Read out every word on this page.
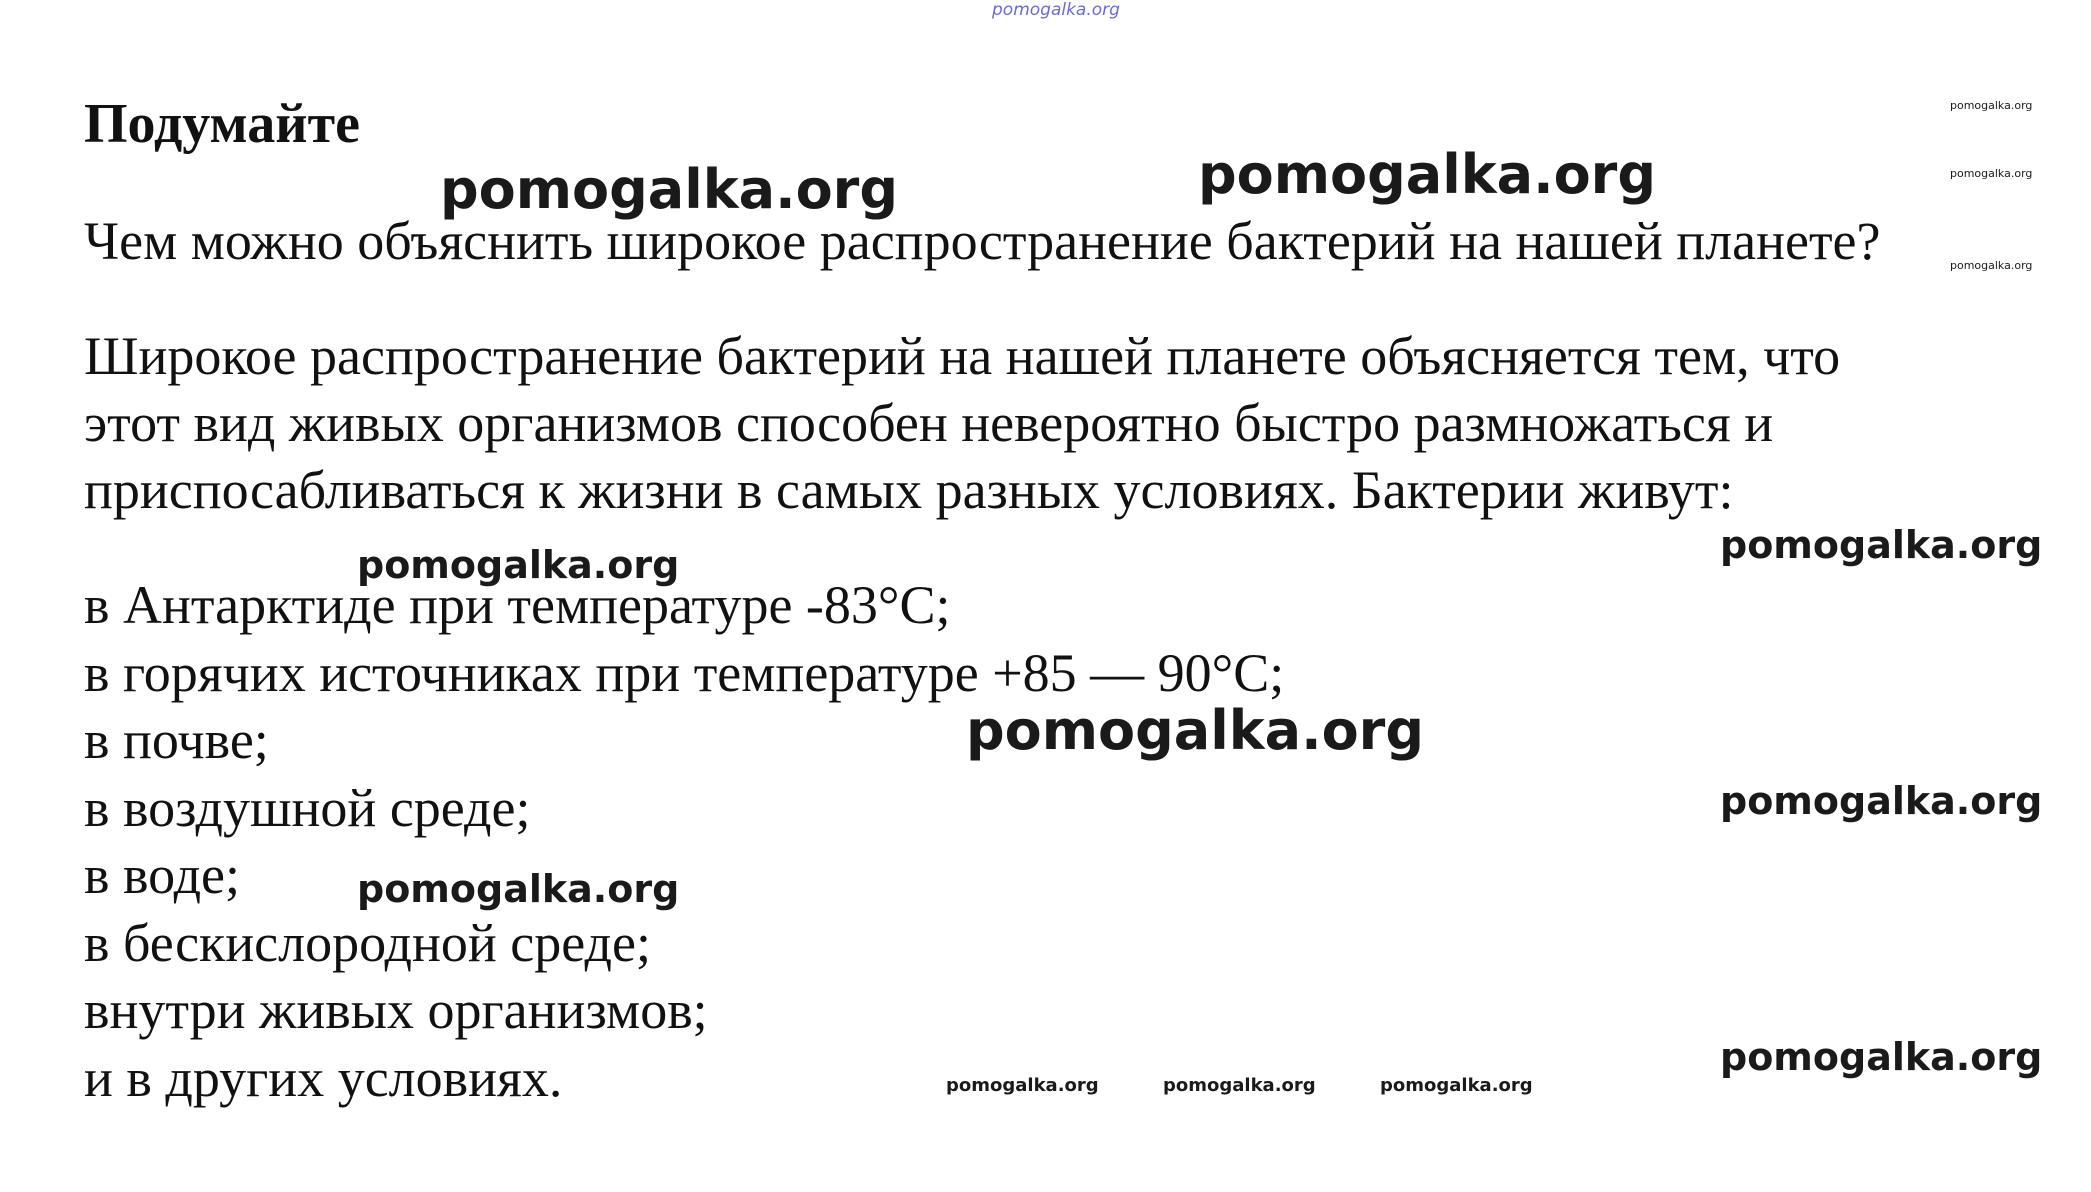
pomogalka.org
Подумайте

Чем можно объяснить широкое распространение бактерий на нашей планете?

Широкое распространение бактерий на нашей планете объясняется тем, что
этот вид живых организмов способен невероятно быстро размножаться и
приспосабливаться к жизни в самых разных условиях. Бактерии живут:

в Антарктиде при температуре -83°С;
в горячих источниках при температуре +85 — 90°С;
в почве;
в воздушной среде;
в воде;
в бескислородной среде;
внутри живых организмов;
и в других условиях.
pomogalka.org	pomogalka.org
pomogalka.org
pomogalka.org	pomogalka.org
pomogalka.org
pomogalka.org
pomogalka.org
pomogalka.org	pomogalka.org	pomogalka.org
pomogalka.org
pomogalka.org
pomogalka.org
